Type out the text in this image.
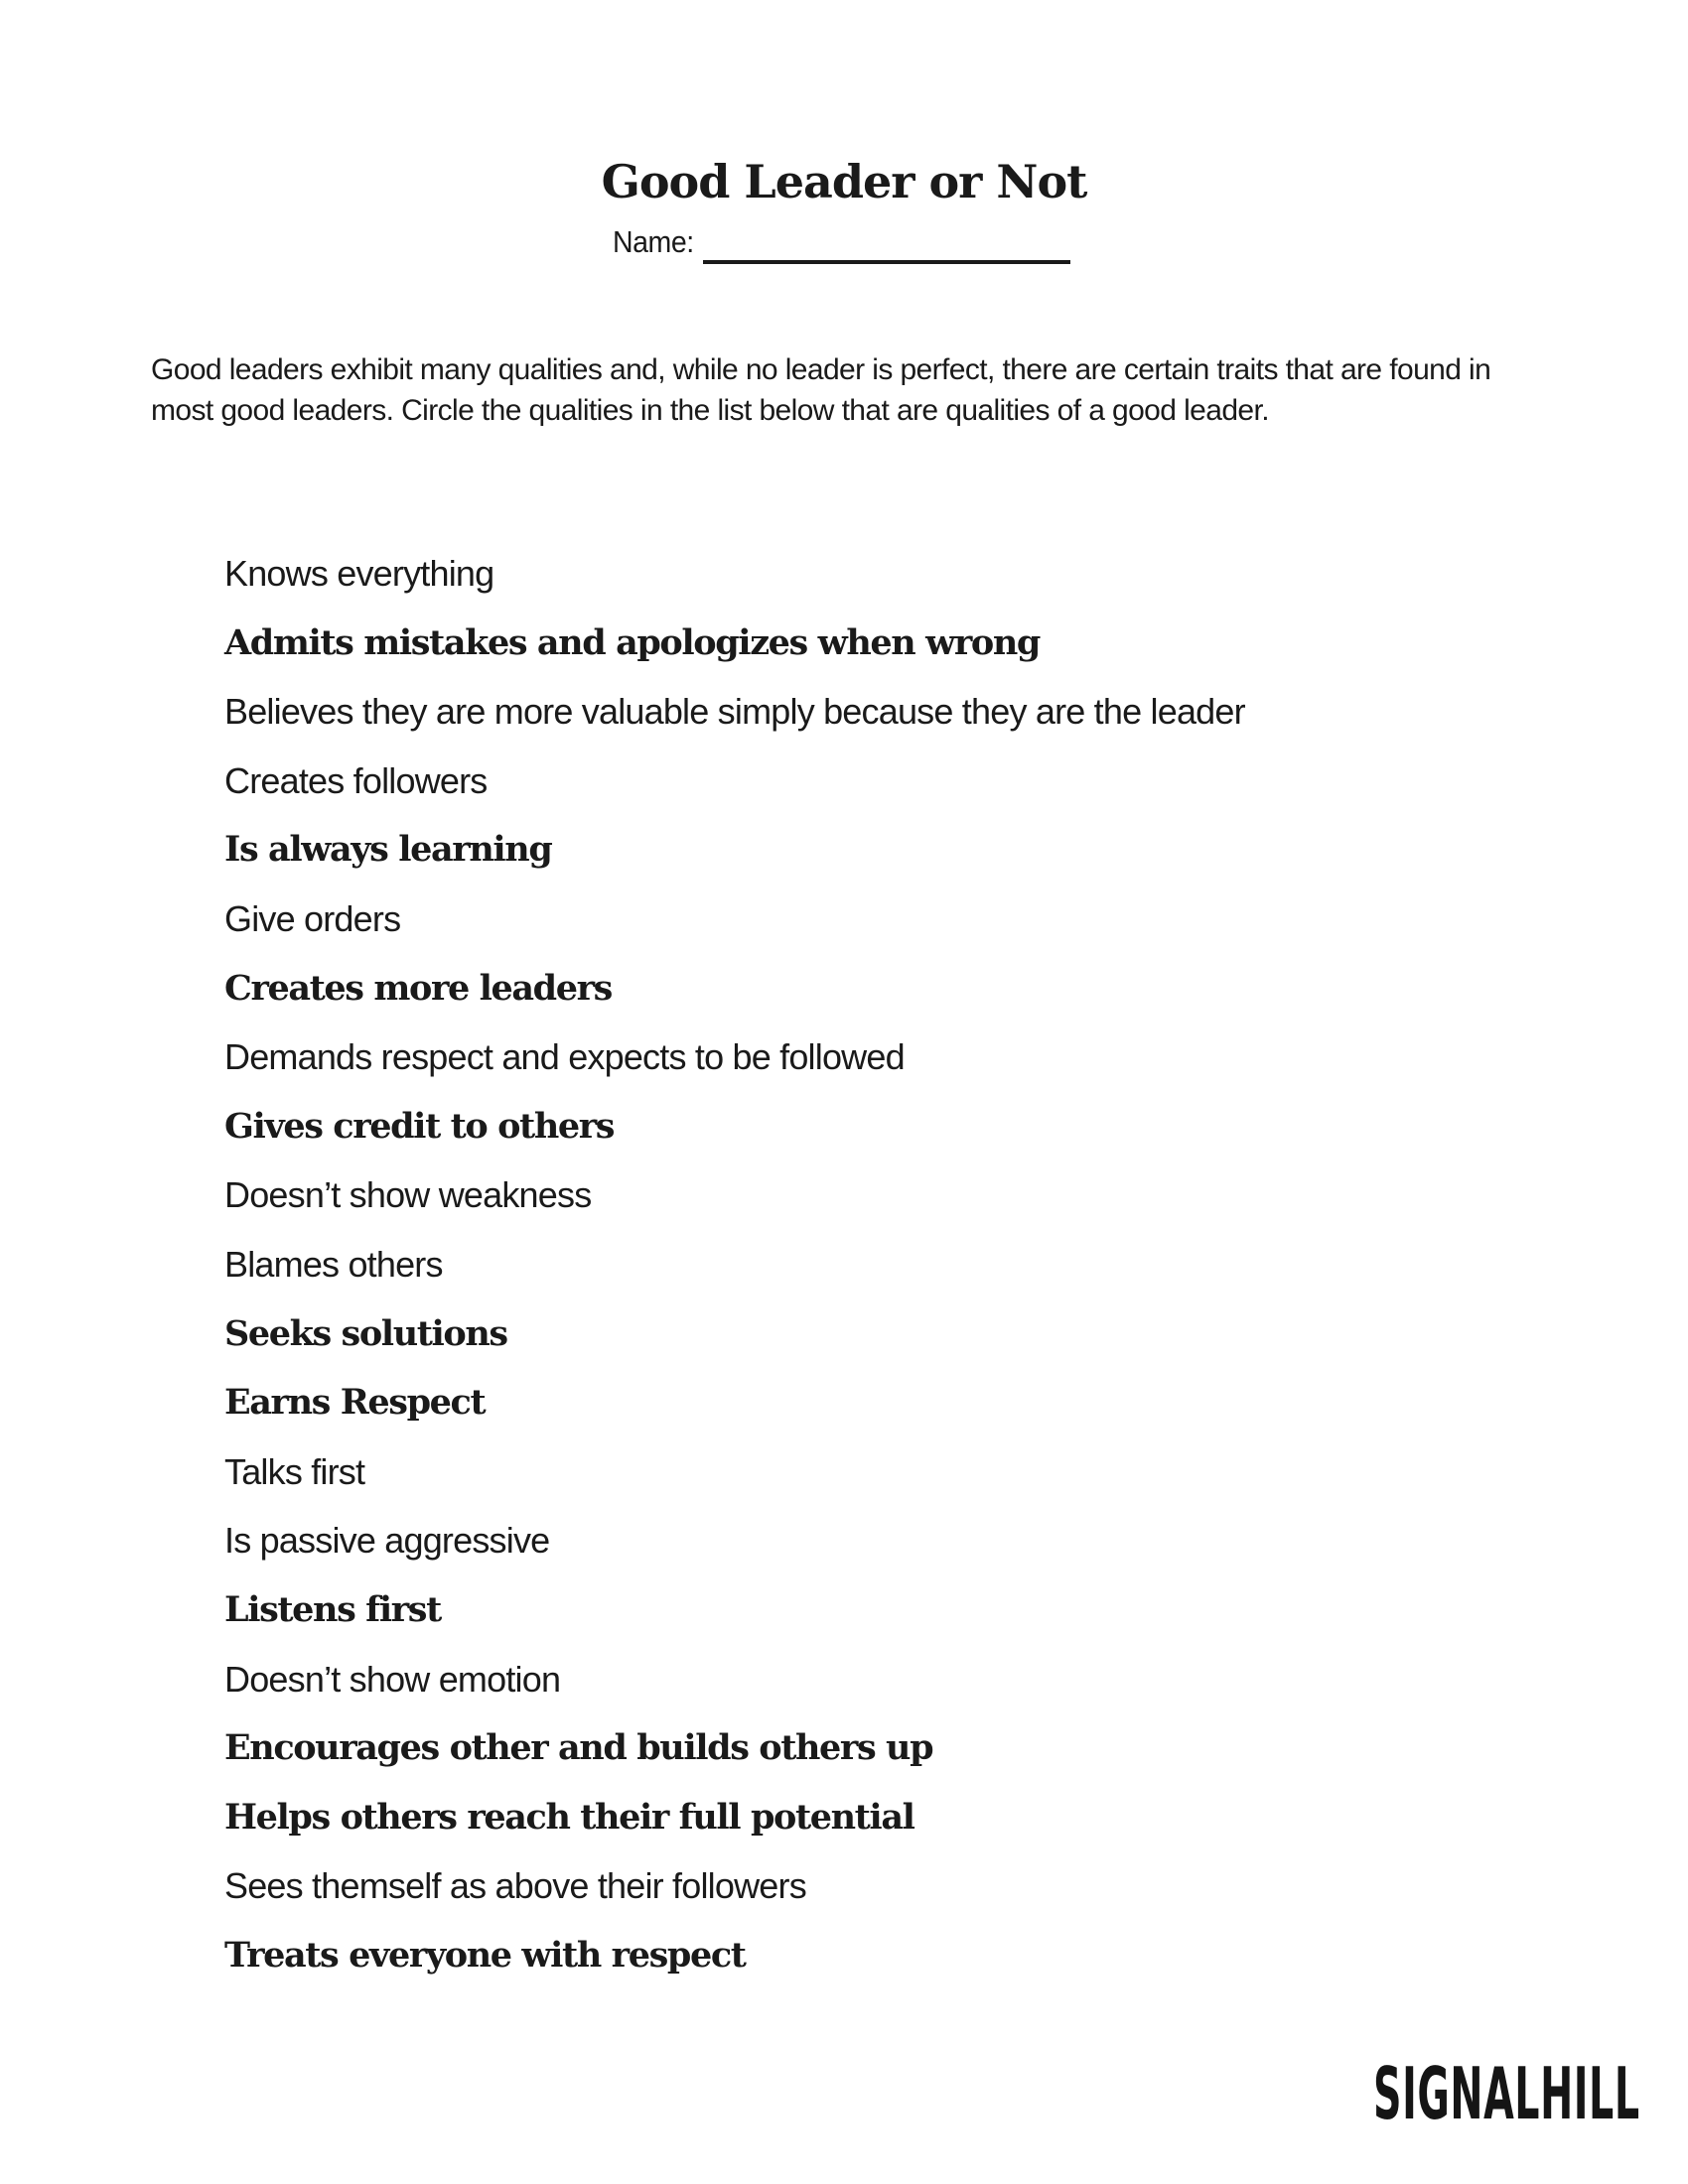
Good Leader or Not
Name:

Good leaders exhibit many qualities and, while no leader is perfect, there are certain traits that are found in most good leaders. Circle the qualities in the list below that are qualities of a good leader.

Knows everything
Admits mistakes and apologizes when wrong
Believes they are more valuable simply because they are the leader
Creates followers
Is always learning
Give orders
Creates more leaders
Demands respect and expects to be followed
Gives credit to others
Doesn’t show weakness
Blames others
Seeks solutions
Earns Respect
Talks first
Is passive aggressive
Listens first
Doesn’t show emotion
Encourages other and builds others up
Helps others reach their full potential
Sees themself as above their followers
Treats everyone with respect
SIGNALHILL
